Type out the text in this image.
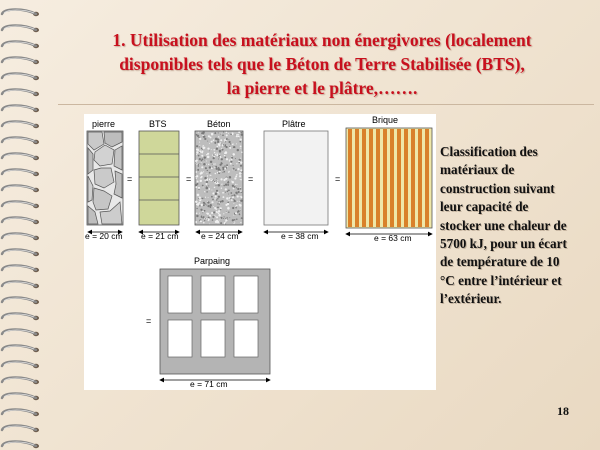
1. Utilisation des matériaux non énergivores (localement
disponibles tels que le Béton de Terre Stabilisée (BTS),
la pierre et le plâtre,…….
pierre
e = 20 cm
=	=	=	=
BTS
e = 21 cm
Béton
e = 24 cm
Plâtre
e = 38 cm
Brique
e = 63 cm
Parpaing
=
e = 71 cm
Classification des matériaux de construction suivant leur capacité de stocker une chaleur de 5700 kJ, pour un écart de température de 10 °C entre l’intérieur et l’extérieur.
18
